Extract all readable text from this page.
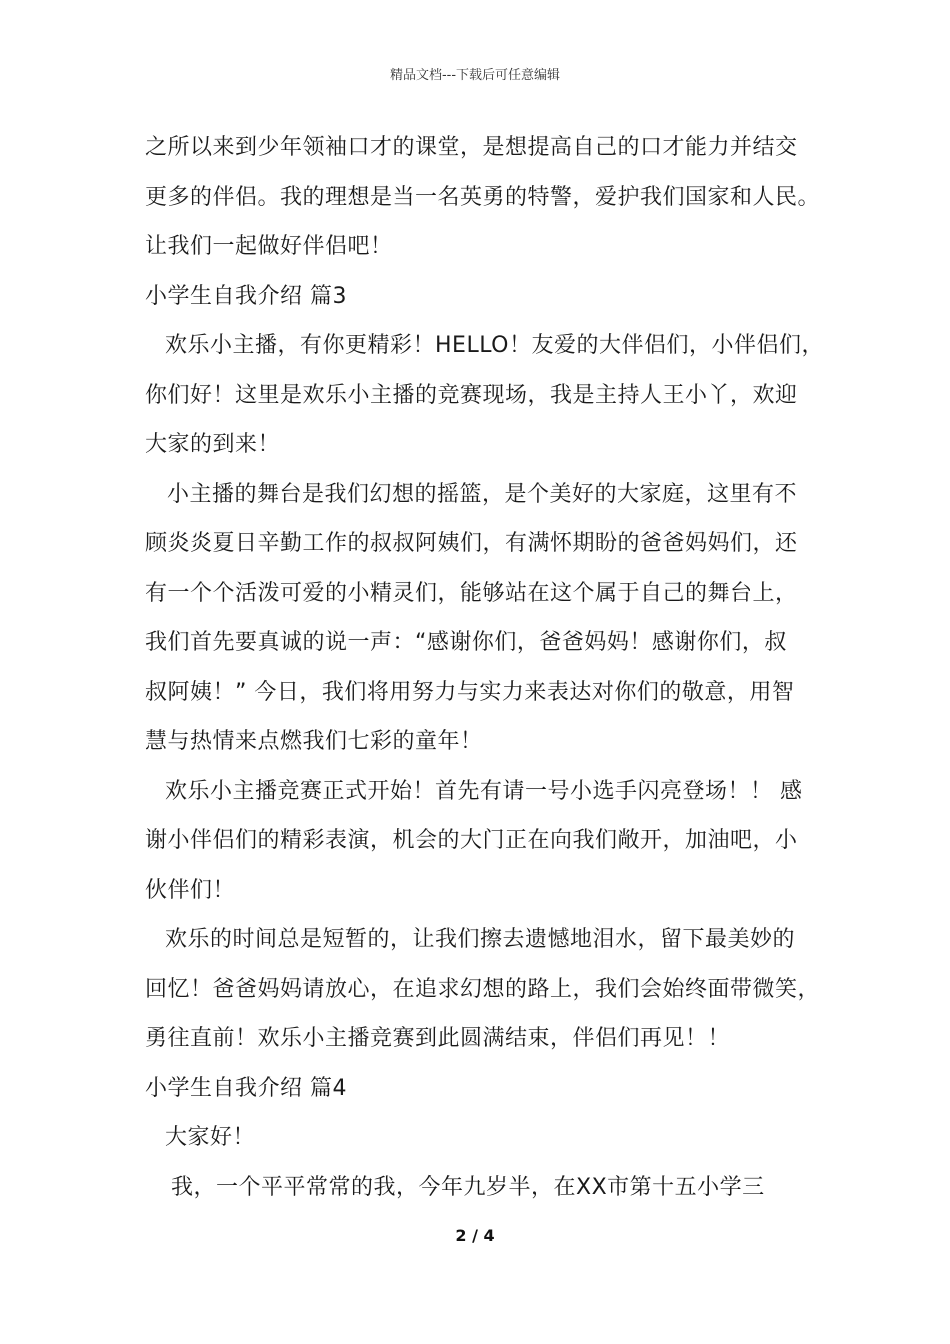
精品文档---下载后可任意编辑
之所以来到少年领袖口才的课堂，是想提高自己的口才能力并结交
更多的伴侣。我的理想是当一名英勇的特警，爱护我们国家和人民。
让我们一起做好伴侣吧！
小学生自我介绍 篇3
欢乐小主播，有你更精彩！HELLO！友爱的大伴侣们，小伴侣们，
你们好！这里是欢乐小主播的竞赛现场，我是主持人王小丫，欢迎
大家的到来！
小主播的舞台是我们幻想的摇篮，是个美好的大家庭，这里有不
顾炎炎夏日辛勤工作的叔叔阿姨们，有满怀期盼的爸爸妈妈们，还
有一个个活泼可爱的小精灵们，能够站在这个属于自己的舞台上，
我们首先要真诚的说一声：“感谢你们，爸爸妈妈！感谢你们，叔
叔阿姨！” 今日，我们将用努力与实力来表达对你们的敬意，用智
慧与热情来点燃我们七彩的童年！
欢乐小主播竞赛正式开始！首先有请一号小选手闪亮登场！！ 感
谢小伴侣们的精彩表演，机会的大门正在向我们敞开，加油吧，小
伙伴们！
欢乐的时间总是短暂的，让我们擦去遗憾地泪水，留下最美妙的
回忆！爸爸妈妈请放心，在追求幻想的路上，我们会始终面带微笑，
勇往直前！欢乐小主播竞赛到此圆满结束，伴侣们再见！！
小学生自我介绍 篇4
大家好！
我，一个平平常常的我，今年九岁半，在XX市第十五小学三
2 / 4
